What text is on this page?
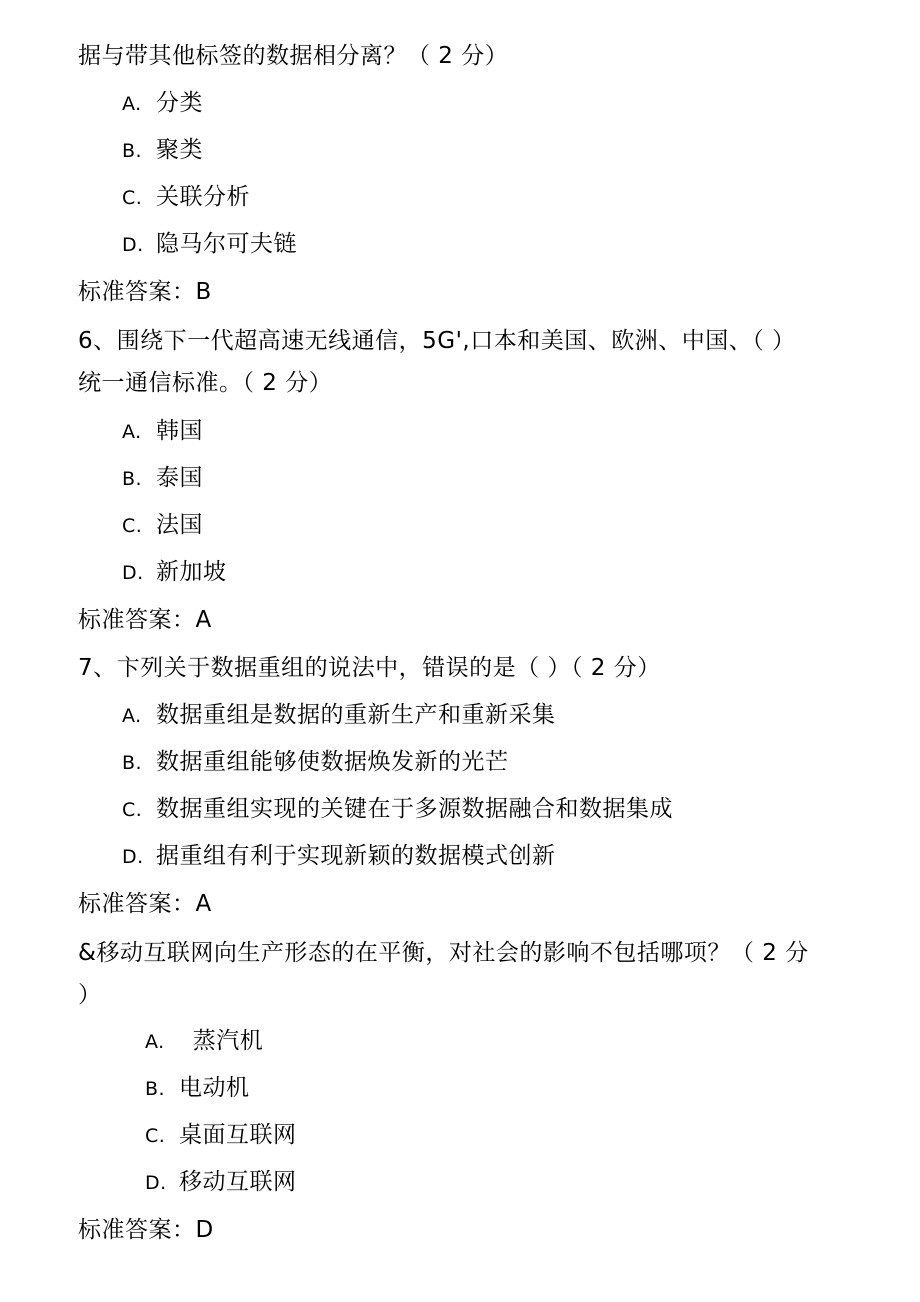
据与带其他标签的数据相分离？（ 2 分）
A. 分类
B. 聚类
C. 关联分析
D. 隐马尔可夫链
标准答案：B
6、围绕下一代超高速无线通信，5G',口本和美国、欧洲、中国、（ ）
统一通信标准。（ 2 分）
A. 韩国
B. 泰国
C. 法国
D. 新加坡
标准答案：A
7、卞列关于数据重组的说法中，错误的是（ ）（ 2 分）
A. 数据重组是数据的重新生产和重新采集
B. 数据重组能够使数据焕发新的光芒
C. 数据重组实现的关键在于多源数据融合和数据集成
D. 据重组有利于实现新颖的数据模式创新
标准答案：A
&移动互联网向生产形态的在平衡，对社会的影响不包括哪项？（ 2 分
）
A. 蒸汽机
B. 电动机
C. 桌面互联网
D. 移动互联网
标准答案：D
